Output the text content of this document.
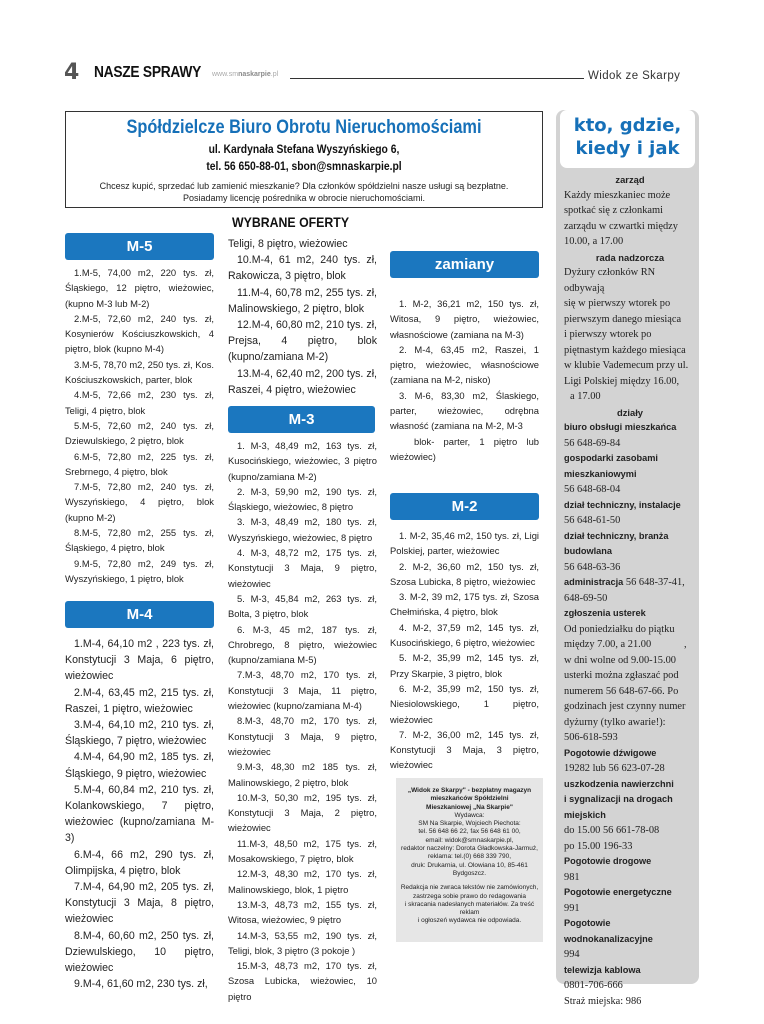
4 NASZE SPRAWY www.smnaskarpie.pl	Widok ze Skarpy
Spółdzielcze Biuro Obrotu Nieruchomościami
ul. Kardynała Stefana Wyszyńskiego 6,
tel. 56 650-88-01, sbon@smnaskarpie.pl
Chcesz kupić, sprzedać lub zamienić mieszkanie? Dla członków spółdzielni nasze usługi są bezpłatne.
Posiadamy licencję pośrednika w obrocie nieruchomościami.
WYBRANE OFERTY
M-5
M-4
M-3
zamiany
M-2

1.M-5, 74,00 m2, 220 tys. zł, Śląskiego, 12 piętro, wieżowiec, (kupno M-3 lub M-2)

2.M-5, 72,60 m2, 240 tys. zł, Kosynierów Kościuszkowskich, 4 piętro, blok (kupno M-4)

3.M-5, 78,70 m2, 250 tys. zł, Kos. Kościuszkowskich, parter, blok

4.M-5, 72,66 m2, 230 tys. zł, Teligi, 4 piętro, blok

5.M-5, 72,60 m2, 240 tys. zł, Dziewulskiego, 2 piętro, blok

6.M-5, 72,80 m2, 225 tys. zł, Srebrnego, 4 piętro, blok

7.M-5, 72,80 m2, 240 tys. zł, Wyszyńskiego, 4 piętro, blok (kupno M-2)

8.M-5, 72,80 m2, 255 tys. zł, Śląskiego, 4 piętro, blok

9.M-5, 72,80 m2, 249 tys. zł, Wyszyńskiego, 1 piętro, blok

1.M-4, 64,10 m2 , 223 tys. zł, Konstytucji 3 Maja, 6 piętro, wieżowiec

2.M-4, 63,45 m2, 215 tys. zł, Raszei, 1 piętro, wieżowiec

3.M-4, 64,10 m2, 210 tys. zł, Śląskiego, 7 piętro, wieżowiec

4.M-4, 64,90 m2, 185 tys. zł, Śląskiego, 9 piętro, wieżowiec

5.M-4, 60,84 m2, 210 tys. zł, Kolankowskiego, 7 piętro, wieżowiec (kupno/zamiana M-3)

6.M-4, 66 m2, 290 tys. zł, Olimpijska, 4 piętro, blok

7.M-4, 64,90 m2, 205 tys. zł, Konstytucji 3 Maja, 8 piętro, wieżowiec

8.M-4, 60,60 m2, 250 tys. zł, Dziewulskiego, 10 piętro, wieżowiec

9.M-4, 61,60 m2, 230 tys. zł,

Teligi, 8 piętro, wieżowiec

10.M-4, 61 m2, 240 tys. zł, Rakowicza, 3 piętro, blok

11.M-4, 60,78 m2, 255 tys. zł, Malinowskiego, 2 piętro, blok

12.M-4, 60,80 m2, 210 tys. zł, Prejsa, 4 piętro, blok (kupno/zamiana M-2)

13.M-4, 62,40 m2, 200 tys. zł, Raszei, 4 piętro, wieżowiec

1. M-3, 48,49 m2, 163 tys. zł, Kusocińskiego, wieżowiec, 3 piętro (kupno/zamiana M-2)

2. M-3, 59,90 m2, 190 tys. zł, Śląskiego, wieżowiec, 8 piętro

3. M-3, 48,49 m2, 180 tys. zł, Wyszyńskiego, wieżowiec, 8 piętro

4. M-3, 48,72 m2, 175 tys. zł, Konstytucji 3 Maja, 9 piętro, wieżowiec

5. M-3, 45,84 m2, 263 tys. zł, Bolta, 3 piętro, blok

6. M-3, 45 m2, 187 tys. zł, Chrobrego, 8 piętro, wieżowiec (kupno/zamiana M-5)

7.M-3, 48,70 m2, 170 tys. zł, Konstytucji 3 Maja, 11 piętro, wieżowiec (kupno/zamiana M-4)

8.M-3, 48,70 m2, 170 tys. zł, Konstytucji 3 Maja, 9 piętro, wieżowiec

9.M-3, 48,30 m2 185 tys. zł, Malinowskiego, 2 piętro, blok

10.M-3, 50,30 m2, 195 tys. zł, Konstytucji 3 Maja, 2 piętro, wieżowiec

11.M-3, 48,50 m2, 175 tys. zł, Mosakowskiego, 7 piętro, blok

12.M-3, 48,30 m2, 170 tys. zł, Malinowskiego, blok, 1 piętro

13.M-3, 48,73 m2, 155 tys. zł, Witosa, wieżowiec, 9 piętro

14.M-3, 53,55 m2, 190 tys. zł, Teligi, blok, 3 piętro (3 pokoje )

15.M-3, 48,73 m2, 170 tys. zł, Szosa Lubicka, wieżowiec, 10 piętro

1. M-2, 36,21 m2, 150 tys. zł, Witosa, 9 piętro, wieżowiec, własnościowe (zamiana na M-3)

2. M-4, 63,45 m2, Raszei, 1 piętro, wieżowiec, własnościowe (zamiana na M-2, nisko)

3. M-6, 83,30 m2, Ślaskiego, parter, wieżowiec, odrębna własność (zamiana na M-2, M-3

blok- parter, 1 piętro lub wieżowiec)

1. M-2, 35,46 m2, 150 tys. zł, Ligi Polskiej, parter, wieżowiec

2. M-2, 36,60 m2, 150 tys. zł, Szosa Lubicka, 8 piętro, wieżowiec

3. M-2, 39 m2, 175 tys. zł, Szosa Chełmińska, 4 piętro, blok

4. M-2, 37,59 m2, 145 tys. zł, Kusocińskiego, 6 piętro, wieżowiec

5. M-2, 35,99 m2, 145 tys. zł, Przy Skarpie, 3 piętro, blok

6. M-2, 35,99 m2, 150 tys. zł, Niesiolowskiego, 1 piętro, wieżowiec

7. M-2, 36,00 m2, 145 tys. zł, Konstytucji 3 Maja, 3 piętro, wieżowiec

„Widok ze Skarpy" - bezpłatny magazyn
mieszkańców Spółdzielni
Mieszkaniowej „Na Skarpie"
Wydawca:
SM Na Skarpie, Wojciech Piechota:
tel. 56 648 66 22, fax 56 648 61 00,
email: widok@smnaskarpie.pl,
redaktor naczelny: Dorota Gładkowska-Jarmuż,
reklama: tel.(0) 668 339 790,
druk: Drukarnia, ul. Olowiana 10, 85-461
Bydgoszcz.
Redakcja nie zwraca tekstów nie zamówionych,
zastrzega sobie prawo do redagowania
i skracania nadesłanych materiałów. Za treść
reklam
i ogłoszeń wydawca nie odpowiada.
kto, gdzie,
kiedy i jak
zarząd
Każdy mieszkaniec może
spotkać się z członkami
zarządu w czwartki między
10.00, a 17.00
rada nadzorcza
Dyżury członków RN odbywają
się w pierwszy wtorek po
pierwszym danego miesiąca
i pierwszy wtorek po
piętnastym każdego miesiąca
w klubie Vademecum przy ul.
Ligi Polskiej między 16.00,
a 17.00
działy
biuro obsługi mieszkańca
56 648-69-84
gospodarki zasobami
mieszkaniowymi
56 648-68-04
dział techniczny, instalacje
56 648-61-50
dział techniczny, branża
budowlana
56 648-63-36
administracja 56 648-37-41,
648-69-50
zgłoszenia usterek
Od poniedziałku do piątku
między 7.00, a 21.00	,
w dni wolne od 9.00-15.00
usterki można zgłaszać pod
numerem 56 648-67-66. Po
godzinach jest czynny numer
dyżurny (tylko awarie!):
506-618-593
Pogotowie dźwigowe
19282 lub 56 623-07-28
uszkodzenia nawierzchni
i sygnalizacji na drogach
miejskich
do 15.00 56 661-78-08
po 15.00 196-33
Pogotowie drogowe
981
Pogotowie energetyczne
991
Pogotowie wodnokanalizacyjne
994
telewizja kablowa
0801-706-666
Straż miejska: 986
